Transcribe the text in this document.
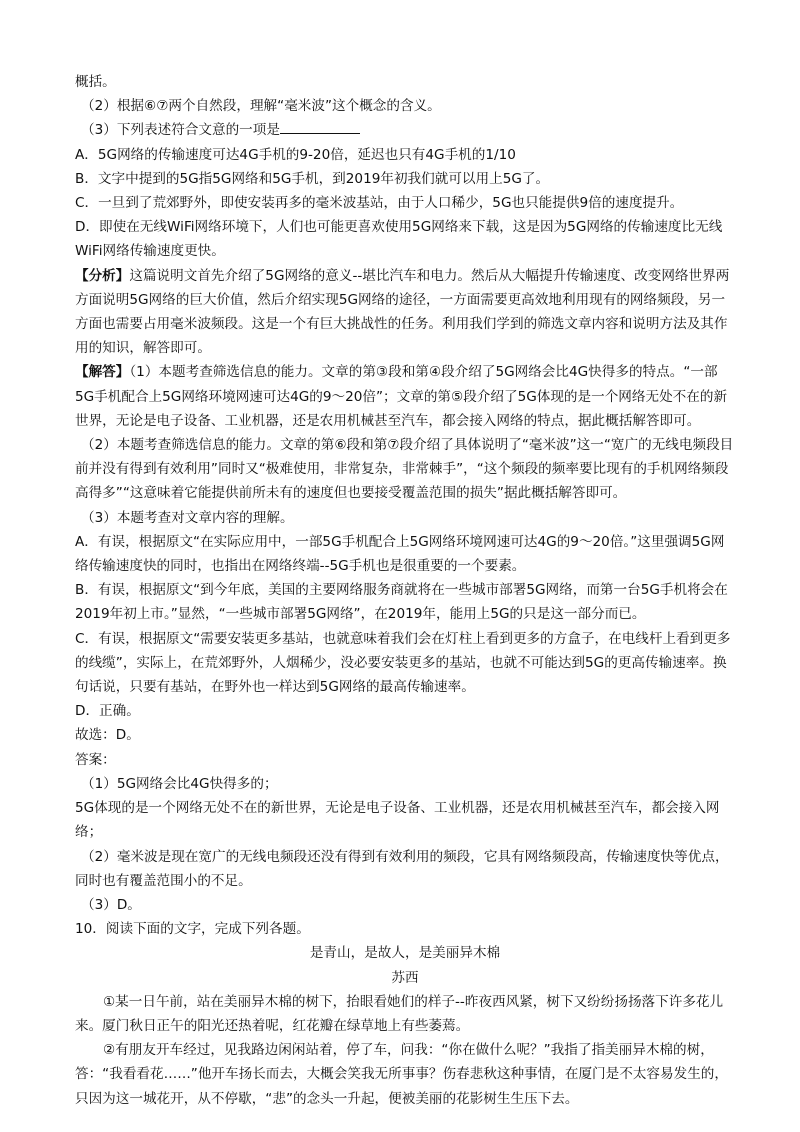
概括。

（2）根据⑥⑦两个自然段，理解“毫米波”这个概念的含义。

（3）下列表述符合文意的一项是

A．5G网络的传输速度可达4G手机的9-20倍，延迟也只有4G手机的1/10

B．文字中提到的5G指5G网络和5G手机，到2019年初我们就可以用上5G了。

C．一旦到了荒郊野外，即使安装再多的毫米波基站，由于人口稀少，5G也只能提供9倍的速度提升。

D．即使在无线WiFi网络环境下，人们也可能更喜欢使用5G网络来下载，这是因为5G网络的传输速度比无线WiFi网络传输速度更快。

【分析】这篇说明文首先介绍了5G网络的意义--堪比汽车和电力。然后从大幅提升传输速度、改变网络世界两方面说明5G网络的巨大价值，然后介绍实现5G网络的途径，一方面需要更高效地利用现有的网络频段，另一方面也需要占用毫米波频段。这是一个有巨大挑战性的任务。利用我们学到的筛选文章内容和说明方法及其作用的知识，解答即可。

【解答】（1）本题考查筛选信息的能力。文章的第③段和第④段介绍了5G网络会比4G快得多的特点。“一部5G手机配合上5G网络环境网速可达4G的9～20倍”；文章的第⑤段介绍了5G体现的是一个网络无处不在的新世界，无论是电子设备、工业机器，还是农用机械甚至汽车，都会接入网络的特点，据此概括解答即可。

（2）本题考查筛选信息的能力。文章的第⑥段和第⑦段介绍了具体说明了“毫米波”这一“宽广的无线电频段目前并没有得到有效利用”同时又“极难使用，非常复杂，非常棘手”，“这个频段的频率要比现有的手机网络频段高得多”“这意味着它能提供前所未有的速度但也要接受覆盖范围的损失”据此概括解答即可。

（3）本题考查对文章内容的理解。

A．有误，根据原文“在实际应用中，一部5G手机配合上5G网络环境网速可达4G的9～20倍。”这里强调5G网络传输速度快的同时，也指出在网络终端--5G手机也是很重要的一个要素。

B．有误，根据原文“到今年底，美国的主要网络服务商就将在一些城市部署5G网络，而第一台5G手机将会在2019年初上市。”显然，“一些城市部署5G网络”，在2019年，能用上5G的只是这一部分而已。

C．有误，根据原文“需要安装更多基站，也就意味着我们会在灯柱上看到更多的方盒子，在电线杆上看到更多的线缆”，实际上，在荒郊野外，人烟稀少，没必要安装更多的基站，也就不可能达到5G的更高传输速率。换句话说，只要有基站，在野外也一样达到5G网络的最高传输速率。

D．正确。

故选：D。

答案：

（1）5G网络会比4G快得多的；

5G体现的是一个网络无处不在的新世界，无论是电子设备、工业机器，还是农用机械甚至汽车，都会接入网络；

（2）毫米波是现在宽广的无线电频段还没有得到有效利用的频段，它具有网络频段高，传输速度快等优点，同时也有覆盖范围小的不足。

（3）D。

10．阅读下面的文字，完成下列各题。

是青山，是故人，是美丽异木棉

苏西

①某一日午前，站在美丽异木棉的树下，抬眼看她们的样子--昨夜西风紧，树下又纷纷扬扬落下许多花儿来。厦门秋日正午的阳光还热着呢，红花瓣在绿草地上有些萎蔫。

②有朋友开车经过，见我路边闲闲站着，停了车，问我：“你在做什么呢？”我指了指美丽异木棉的树，答：“我看看花……”他开车扬长而去，大概会笑我无所事事？伤春悲秋这种事情，在厦门是不太容易发生的，只因为这一城花开，从不停歇，“悲”的念头一升起，便被美丽的花影树生生压下去。
